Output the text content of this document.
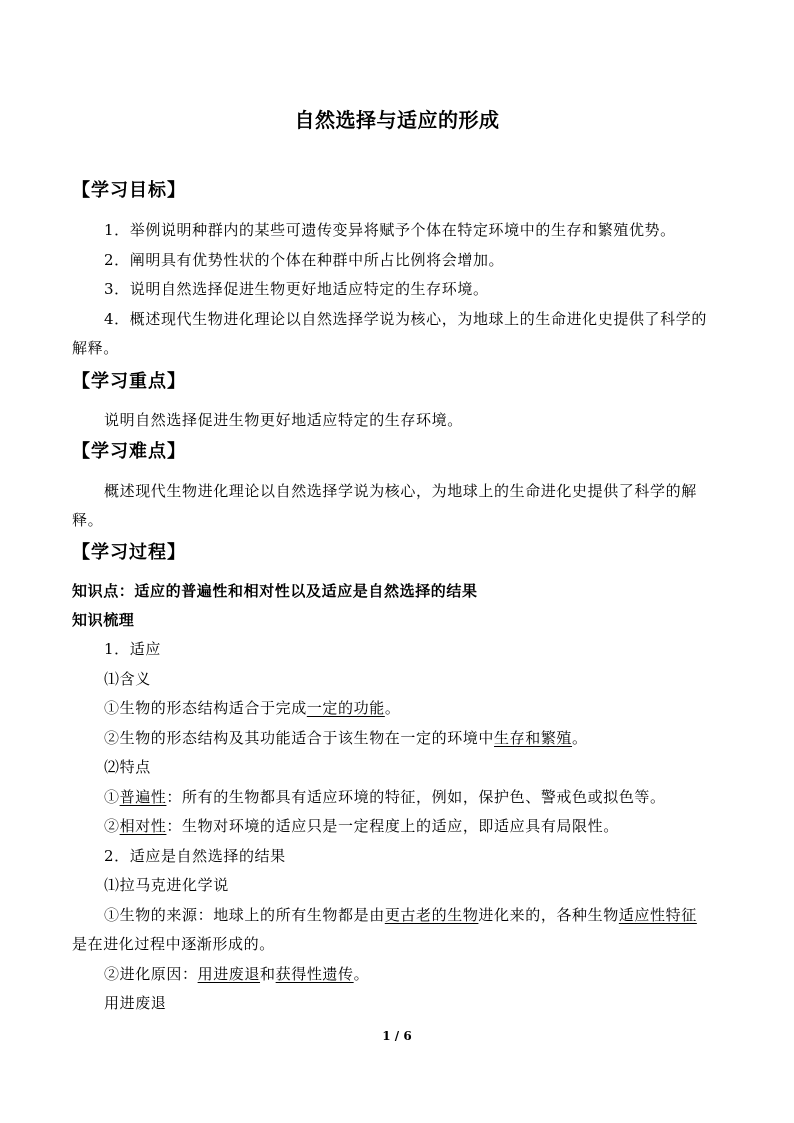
自然选择与适应的形成
【学习目标】
1．举例说明种群内的某些可遗传变异将赋予个体在特定环境中的生存和繁殖优势。
2．阐明具有优势性状的个体在种群中所占比例将会增加。
3．说明自然选择促进生物更好地适应特定的生存环境。
4．概述现代生物进化理论以自然选择学说为核心，为地球上的生命进化史提供了科学的
解释。
【学习重点】
说明自然选择促进生物更好地适应特定的生存环境。
【学习难点】
概述现代生物进化理论以自然选择学说为核心，为地球上的生命进化史提供了科学的解
释。
【学习过程】
知识点：适应的普遍性和相对性以及适应是自然选择的结果
知识梳理
1．适应
⑴含义
①生物的形态结构适合于完成一定的功能。
②生物的形态结构及其功能适合于该生物在一定的环境中生存和繁殖。
⑵特点
①普遍性：所有的生物都具有适应环境的特征，例如，保护色、警戒色或拟色等。
②相对性：生物对环境的适应只是一定程度上的适应，即适应具有局限性。
2．适应是自然选择的结果
⑴拉马克进化学说
①生物的来源：地球上的所有生物都是由更古老的生物进化来的，各种生物适应性特征
是在进化过程中逐渐形成的。
②进化原因：用进废退和获得性遗传。
用进废退
1 / 6
